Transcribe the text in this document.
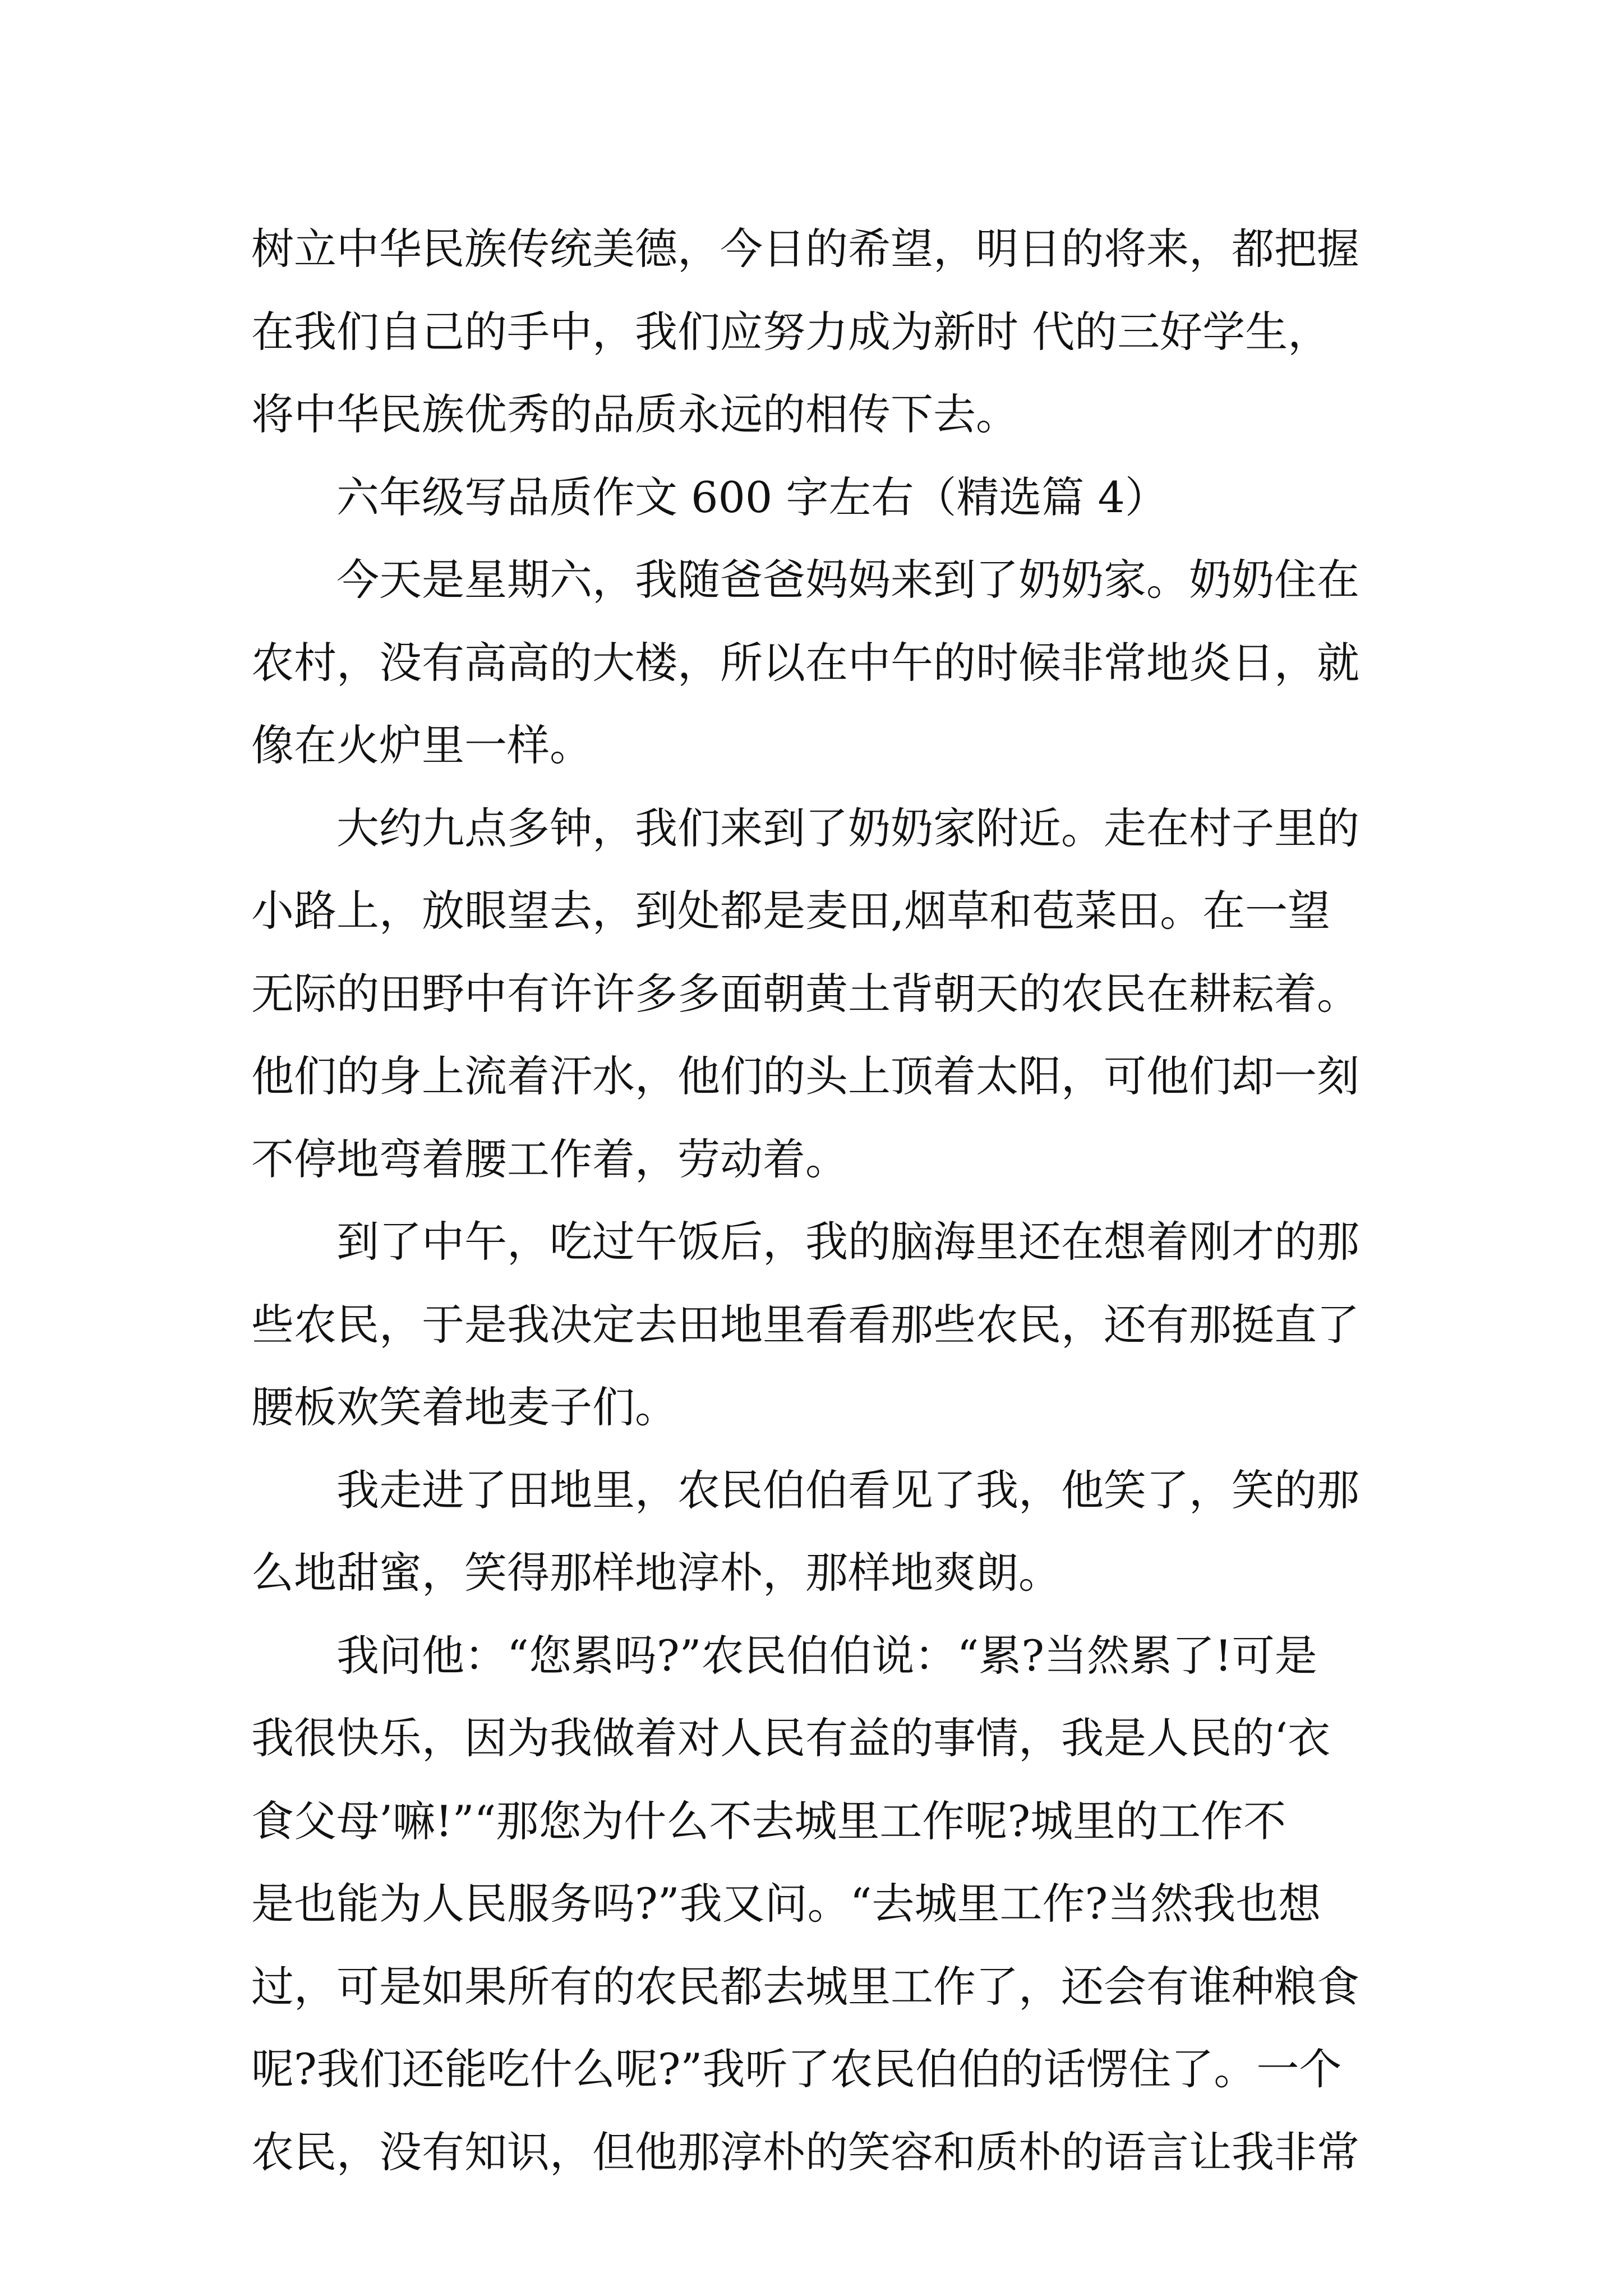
树立中华民族传统美德，今日的希望，明日的将来，都把握
在我们自己的手中，我们应努力成为新时 代的三好学生，
将中华民族优秀的品质永远的相传下去。
六年级写品质作文 600 字左右（精选篇 4）
今天是星期六，我随爸爸妈妈来到了奶奶家。奶奶住在
农村，没有高高的大楼，所以在中午的时候非常地炎日，就
像在火炉里一样。
大约九点多钟，我们来到了奶奶家附近。走在村子里的
小路上，放眼望去，到处都是麦田,烟草和苞菜田。在一望
无际的田野中有许许多多面朝黄土背朝天的农民在耕耘着。
他们的身上流着汗水，他们的头上顶着太阳，可他们却一刻
不停地弯着腰工作着，劳动着。
到了中午，吃过午饭后，我的脑海里还在想着刚才的那
些农民，于是我决定去田地里看看那些农民，还有那挺直了
腰板欢笑着地麦子们。
我走进了田地里，农民伯伯看见了我，他笑了，笑的那
么地甜蜜，笑得那样地淳朴，那样地爽朗。
我问他：“您累吗?”农民伯伯说：“累?当然累了!可是
我很快乐，因为我做着对人民有益的事情，我是人民的‘衣
食父母’嘛!”“那您为什么不去城里工作呢?城里的工作不
是也能为人民服务吗?”我又问。“去城里工作?当然我也想
过，可是如果所有的农民都去城里工作了，还会有谁种粮食
呢?我们还能吃什么呢?”我听了农民伯伯的话愣住了。一个
农民，没有知识，但他那淳朴的笑容和质朴的语言让我非常
